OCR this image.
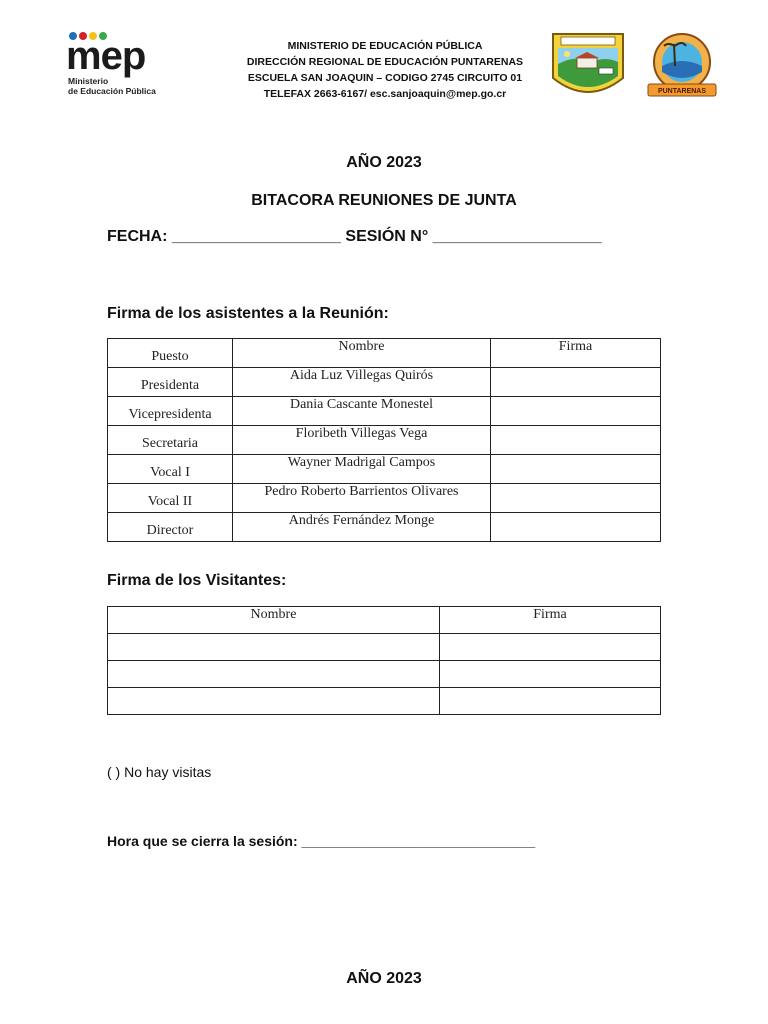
mep
Ministerio
de Educación Pública
MINISTERIO DE EDUCACIÓN PÚBLICA
DIRECCIÓN REGIONAL DE EDUCACIÓN PUNTARENAS
ESCUELA SAN JOAQUIN – CODIGO 2745 CIRCUITO 01
TELEFAX 2663-6167/ esc.sanjoaquin@mep.go.cr	PUNTARENAS
AÑO 2023
BITACORA REUNIONES DE JUNTA
FECHA: ___________________ SESIÓN N° ___________________
Firma de los asistentes a la Reunión:
Puesto	Nombre	Firma
Presidenta	Aida Luz Villegas Quirós	
Vicepresidenta	Dania Cascante Monestel	
Secretaria	Floribeth Villegas Vega	
Vocal I	Wayner Madrigal Campos	
Vocal II	Pedro Roberto Barrientos Olivares	
Director	Andrés Fernández Monge	
Firma de los Visitantes:
Nombre	Firma

( ) No hay visitas
Hora que se cierra la sesión: ______________________________
AÑO 2023
